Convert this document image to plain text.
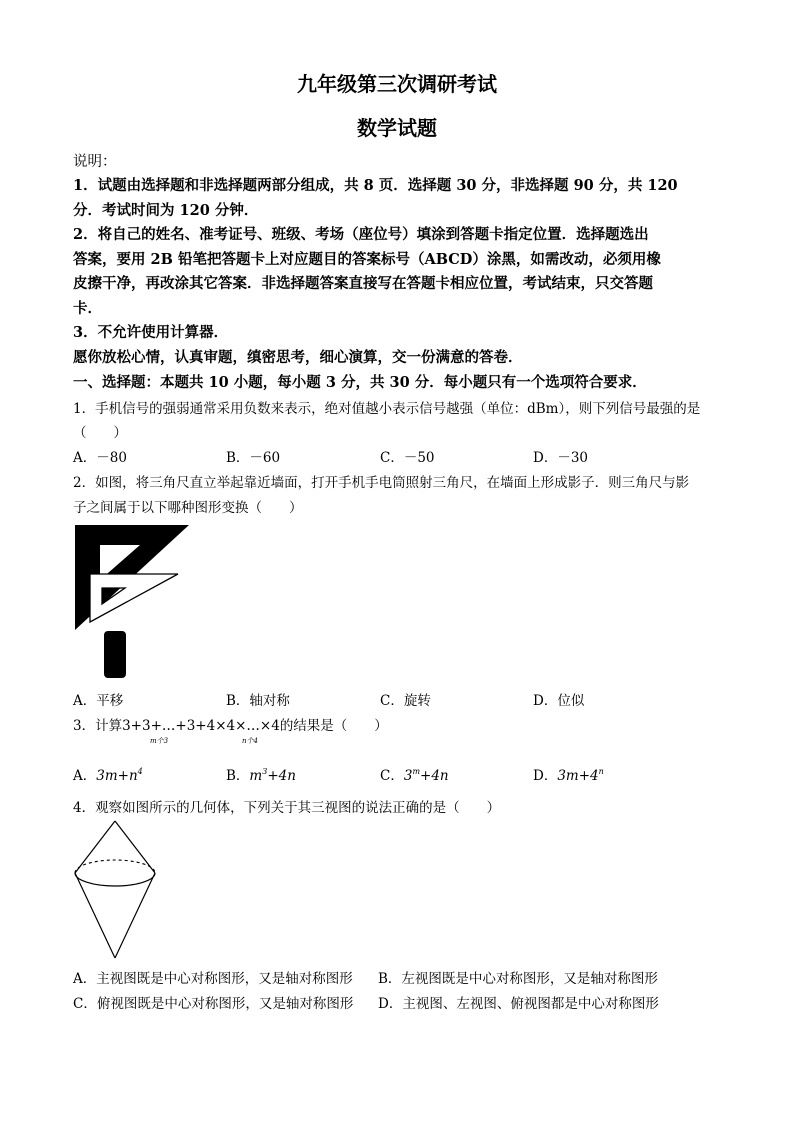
九年级第三次调研考试
数学试题
说明：
1．试题由选择题和非选择题两部分组成，共 8 页．选择题 30 分，非选择题 90 分，共 120
分．考试时间为 120 分钟．
2．将自己的姓名、准考证号、班级、考场（座位号）填涂到答题卡指定位置．选择题选出
答案，要用 2B 铅笔把答题卡上对应题目的答案标号（ABCD）涂黑，如需改动，必须用橡
皮擦干净，再改涂其它答案．非选择题答案直接写在答题卡相应位置，考试结束，只交答题
卡．
3．不允许使用计算器．
愿你放松心情，认真审题，缜密思考，细心演算，交一份满意的答卷．
一、选择题：本题共 10 小题，每小题 3 分，共 30 分．每小题只有一个选项符合要求．
1．手机信号的强弱通常采用负数来表示，绝对值越小表示信号越强（单位：dBm），则下列信号最强的是
（　　）
A．－80	B．－60	C．－50	D．－30
2．如图，将三角尺直立举起靠近墙面，打开手机手电筒照射三角尺，在墙面上形成影子．则三角尺与影
子之间属于以下哪种图形变换（　　）
A．平移	B．轴对称	C．旋转	D．位似
3．计算3+3+…+3+4×4×…×4的结果是（　　）
m个3	n个4
A．$3m+n^4$	B．$m^3+4n$	C．$3^m+4n$	D．$3m+4^n$
4．观察如图所示的几何体，下列关于其三视图的说法正确的是（　　）
A．主视图既是中心对称图形，又是轴对称图形 B．左视图既是中心对称图形，又是轴对称图形
C．俯视图既是中心对称图形，又是轴对称图形 D．主视图、左视图、俯视图都是中心对称图形
